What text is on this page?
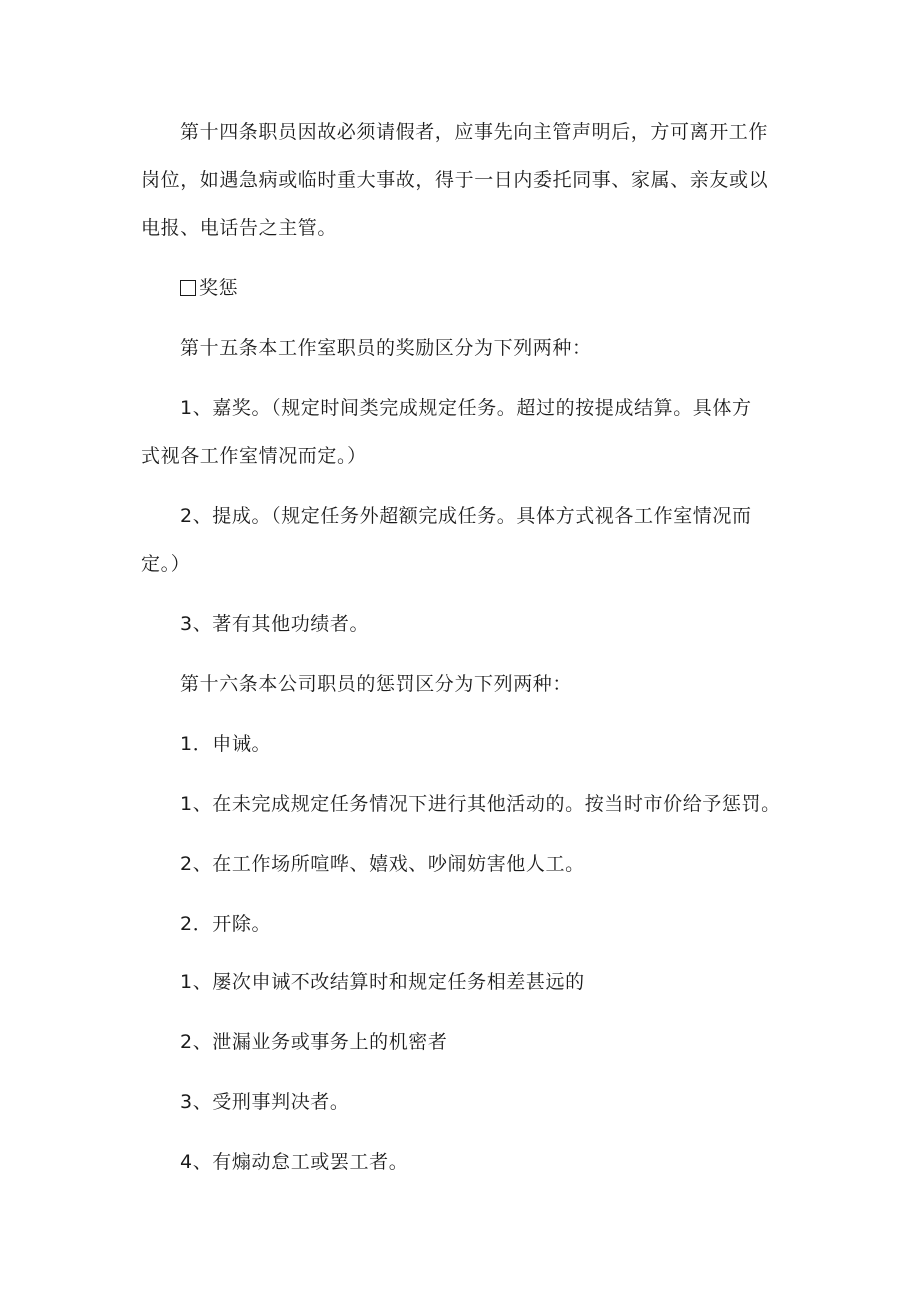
第十四条职员因故必须请假者，应事先向主管声明后，方可离开工作
岗位，如遇急病或临时重大事故，得于一日内委托同事、家属、亲友或以
电报、电话告之主管。
奖惩
第十五条本工作室职员的奖励区分为下列两种：
1、嘉奖。（规定时间类完成规定任务。超过的按提成结算。具体方
式视各工作室情况而定。）
2、提成。（规定任务外超额完成任务。具体方式视各工作室情况而
定。）
3、著有其他功绩者。
第十六条本公司职员的惩罚区分为下列两种：
1．申诫。
1、在未完成规定任务情况下进行其他活动的。按当时市价给予惩罚。
2、在工作场所喧哗、嬉戏、吵闹妨害他人工。
2．开除。
1、屡次申诫不改结算时和规定任务相差甚远的
2、泄漏业务或事务上的机密者
3、受刑事判决者。
4、有煽动怠工或罢工者。
